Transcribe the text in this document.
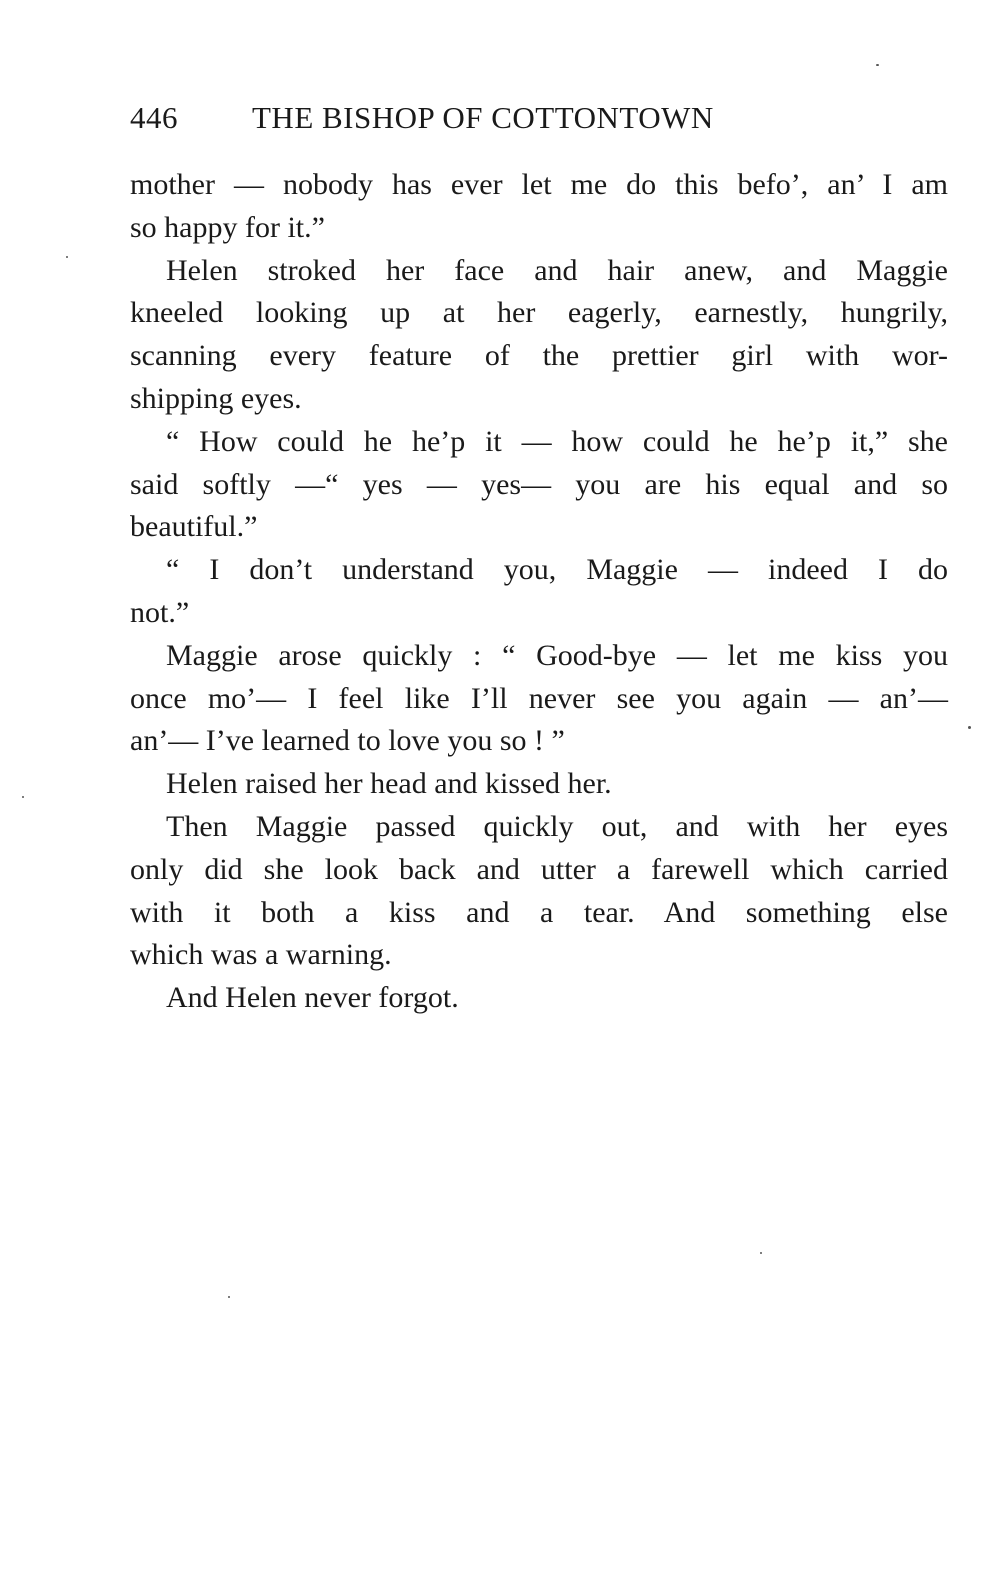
446 THE BISHOP OF COTTONTOWN
mother — nobody has ever let me do this befo’, an’ I am
so happy for it.”
Helen stroked her face and hair anew, and Maggie
kneeled looking up at her eagerly, earnestly, hungrily,
scanning every feature of the prettier girl with wor-
shipping eyes.
“ How could he he’p it — how could he he’p it,” she
said softly —“ yes — yes— you are his equal and so
beautiful.”
“ I don’t understand you, Maggie — indeed I do
not.”
Maggie arose quickly : “ Good-bye — let me kiss you
once mo’— I feel like I’ll never see you again — an’—
an’— I’ve learned to love you so ! ”
Helen raised her head and kissed her.
Then Maggie passed quickly out, and with her eyes
only did she look back and utter a farewell which carried
with it both a kiss and a tear. And something else
which was a warning.
And Helen never forgot.
